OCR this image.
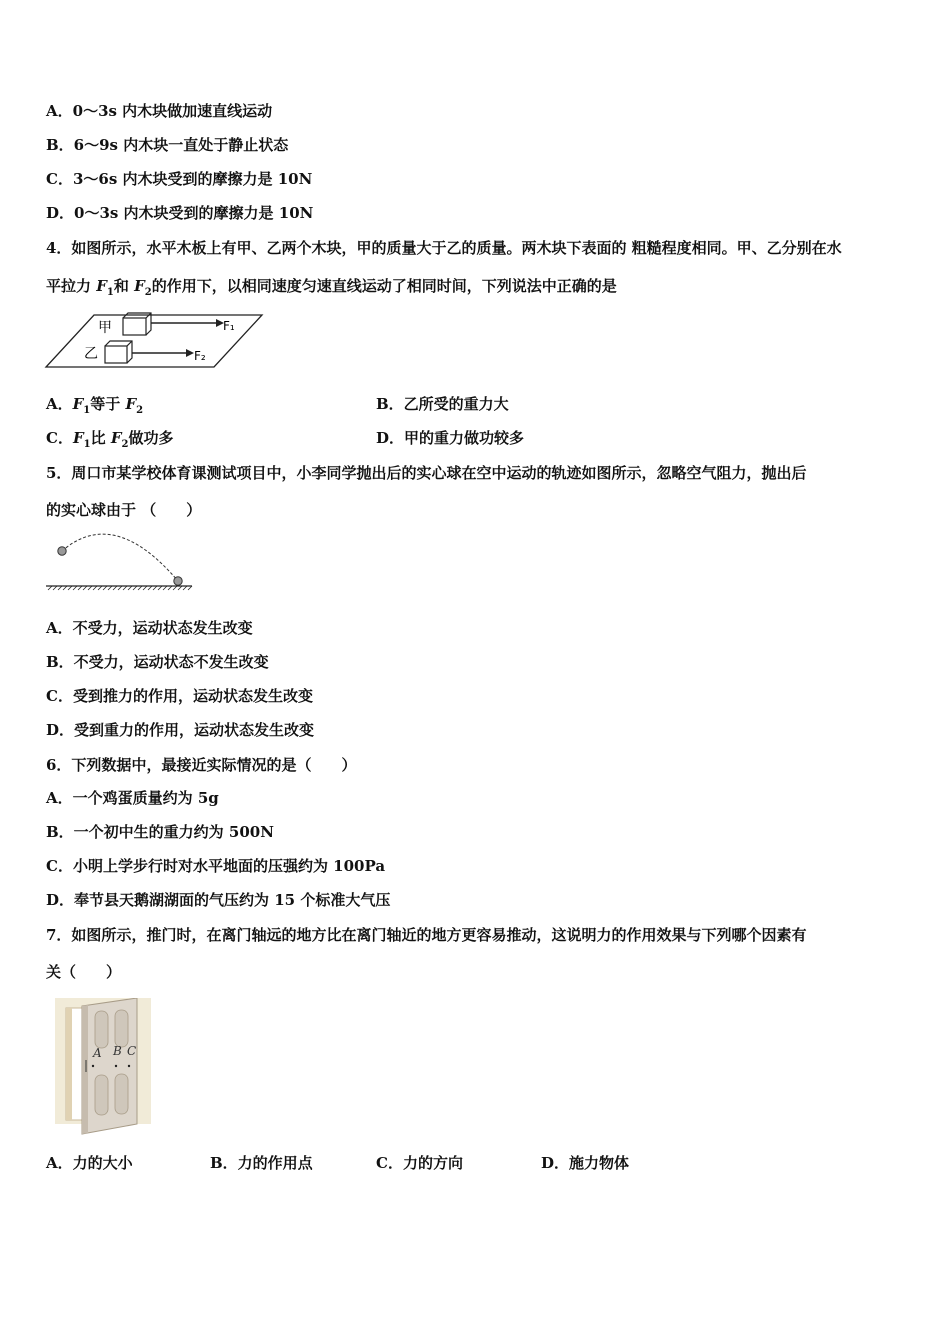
A．0～3s 内木块做加速直线运动
B．6～9s 内木块一直处于静止状态
C．3～6s 内木块受到的摩擦力是 10N
D．0～3s 内木块受到的摩擦力是 10N
4．如图所示，水平木板上有甲、乙两个木块，甲的质量大于乙的质量。两木块下表面的 粗糙程度相同。甲、乙分别在水
平拉力 $F_1$和 $F_2$的作用下，以相同速度匀速直线运动了相同时间，下列说法中正确的是
甲	F₁
乙	F₂
A．$F_1$等于 $F_2$	B．乙所受的重力大
C．$F_1$比 $F_2$做功多	D．甲的重力做功较多
5．周口市某学校体育课测试项目中，小李同学抛出后的实心球在空中运动的轨迹如图所示，忽略空气阻力，抛出后
的实心球由于 （　　）
A．不受力，运动状态发生改变
B．不受力，运动状态不发生改变
C．受到推力的作用，运动状态发生改变
D．受到重力的作用，运动状态发生改变
6．下列数据中，最接近实际情况的是（　　）
A．一个鸡蛋质量约为 5g
B．一个初中生的重力约为 500N
C．小明上学步行时对水平地面的压强约为 100Pa
D．奉节县天鹅湖湖面的气压约为 15 个标准大气压
7．如图所示，推门时，在离门轴远的地方比在离门轴近的地方更容易推动，这说明力的作用效果与下列哪个因素有
关（　　）
A B C
A．力的大小	B．力的作用点	C．力的方向	D．施力物体
